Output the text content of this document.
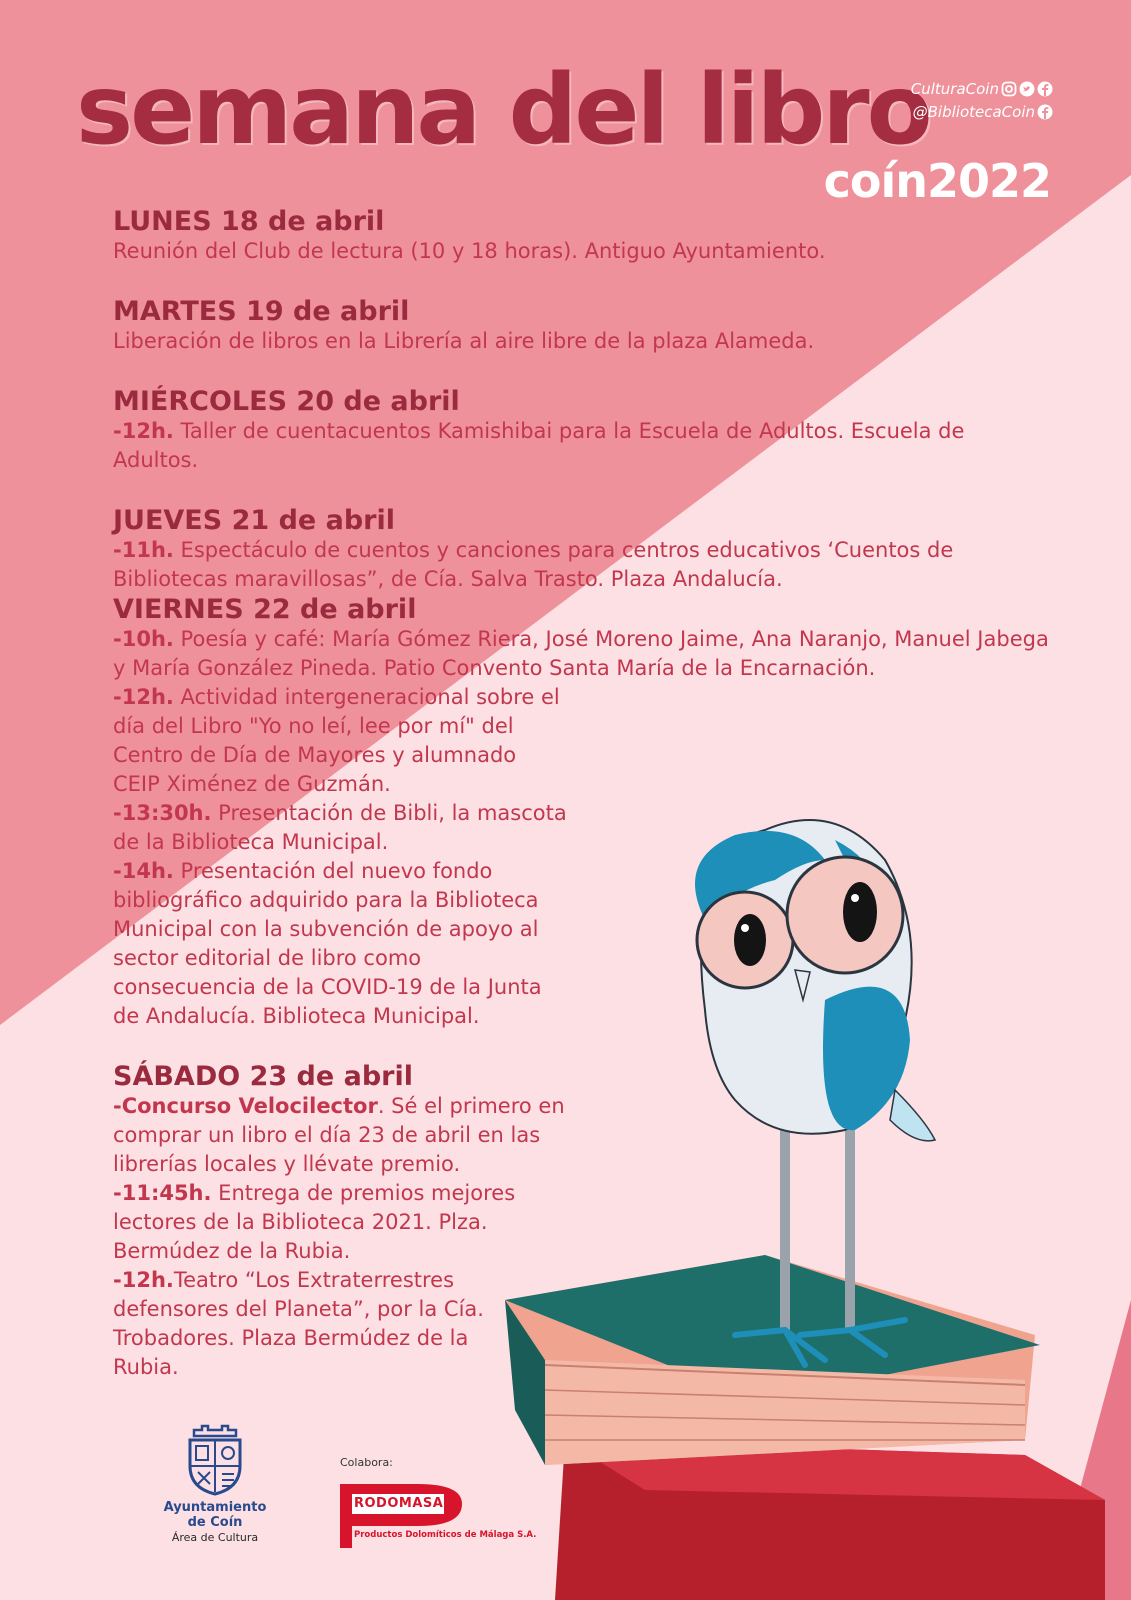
semana del libro
coín2022
CulturaCoin
@BibliotecaCoin

LUNES 18 de abril

Reunión del Club de lectura (10 y 18 horas). Antiguo Ayuntamiento.

MARTES 19 de abril

Liberación de libros en la Librería al aire libre de la plaza Alameda.

MIÉRCOLES 20 de abril

-12h. Taller de cuentacuentos Kamishibai para la Escuela de Adultos. Escuela de Adultos.

JUEVES 21 de abril

-11h. Espectáculo de cuentos y canciones para centros educativos ‘Cuentos de Bibliotecas maravillosas”, de Cía. Salva Trasto. Plaza Andalucía.

VIERNES 22 de abril

-10h. Poesía y café: María Gómez Riera, José Moreno Jaime, Ana Naranjo, Manuel Jabega y María González Pineda. Patio Convento Santa María de la Encarnación.

-12h. Actividad intergeneracional sobre el día del Libro "Yo no leí, lee por mí" del Centro de Día de Mayores y alumnado CEIP Ximénez de Guzmán.

-13:30h. Presentación de Bibli, la mascota de la Biblioteca Municipal.

-14h. Presentación del nuevo fondo bibliográfico adquirido para la Biblioteca Municipal con la subvención de apoyo al sector editorial de libro como consecuencia de la COVID-19 de la Junta de Andalucía. Biblioteca Municipal.

SÁBADO 23 de abril

-Concurso Velocilector. Sé el primero en comprar un libro el día 23 de abril en las librerías locales y llévate premio.

-11:45h. Entrega de premios mejores lectores de la Biblioteca 2021. Plza. Bermúdez de la Rubia.

-12h.Teatro “Los Extraterrestres defensores del Planeta”, por la Cía. Trobadores. Plaza Bermúdez de la Rubia.

Ayuntamiento
de Coín
Área de Cultura
Colabora:
RODOMASA
Productos Dolomíticos de Málaga S.A.
